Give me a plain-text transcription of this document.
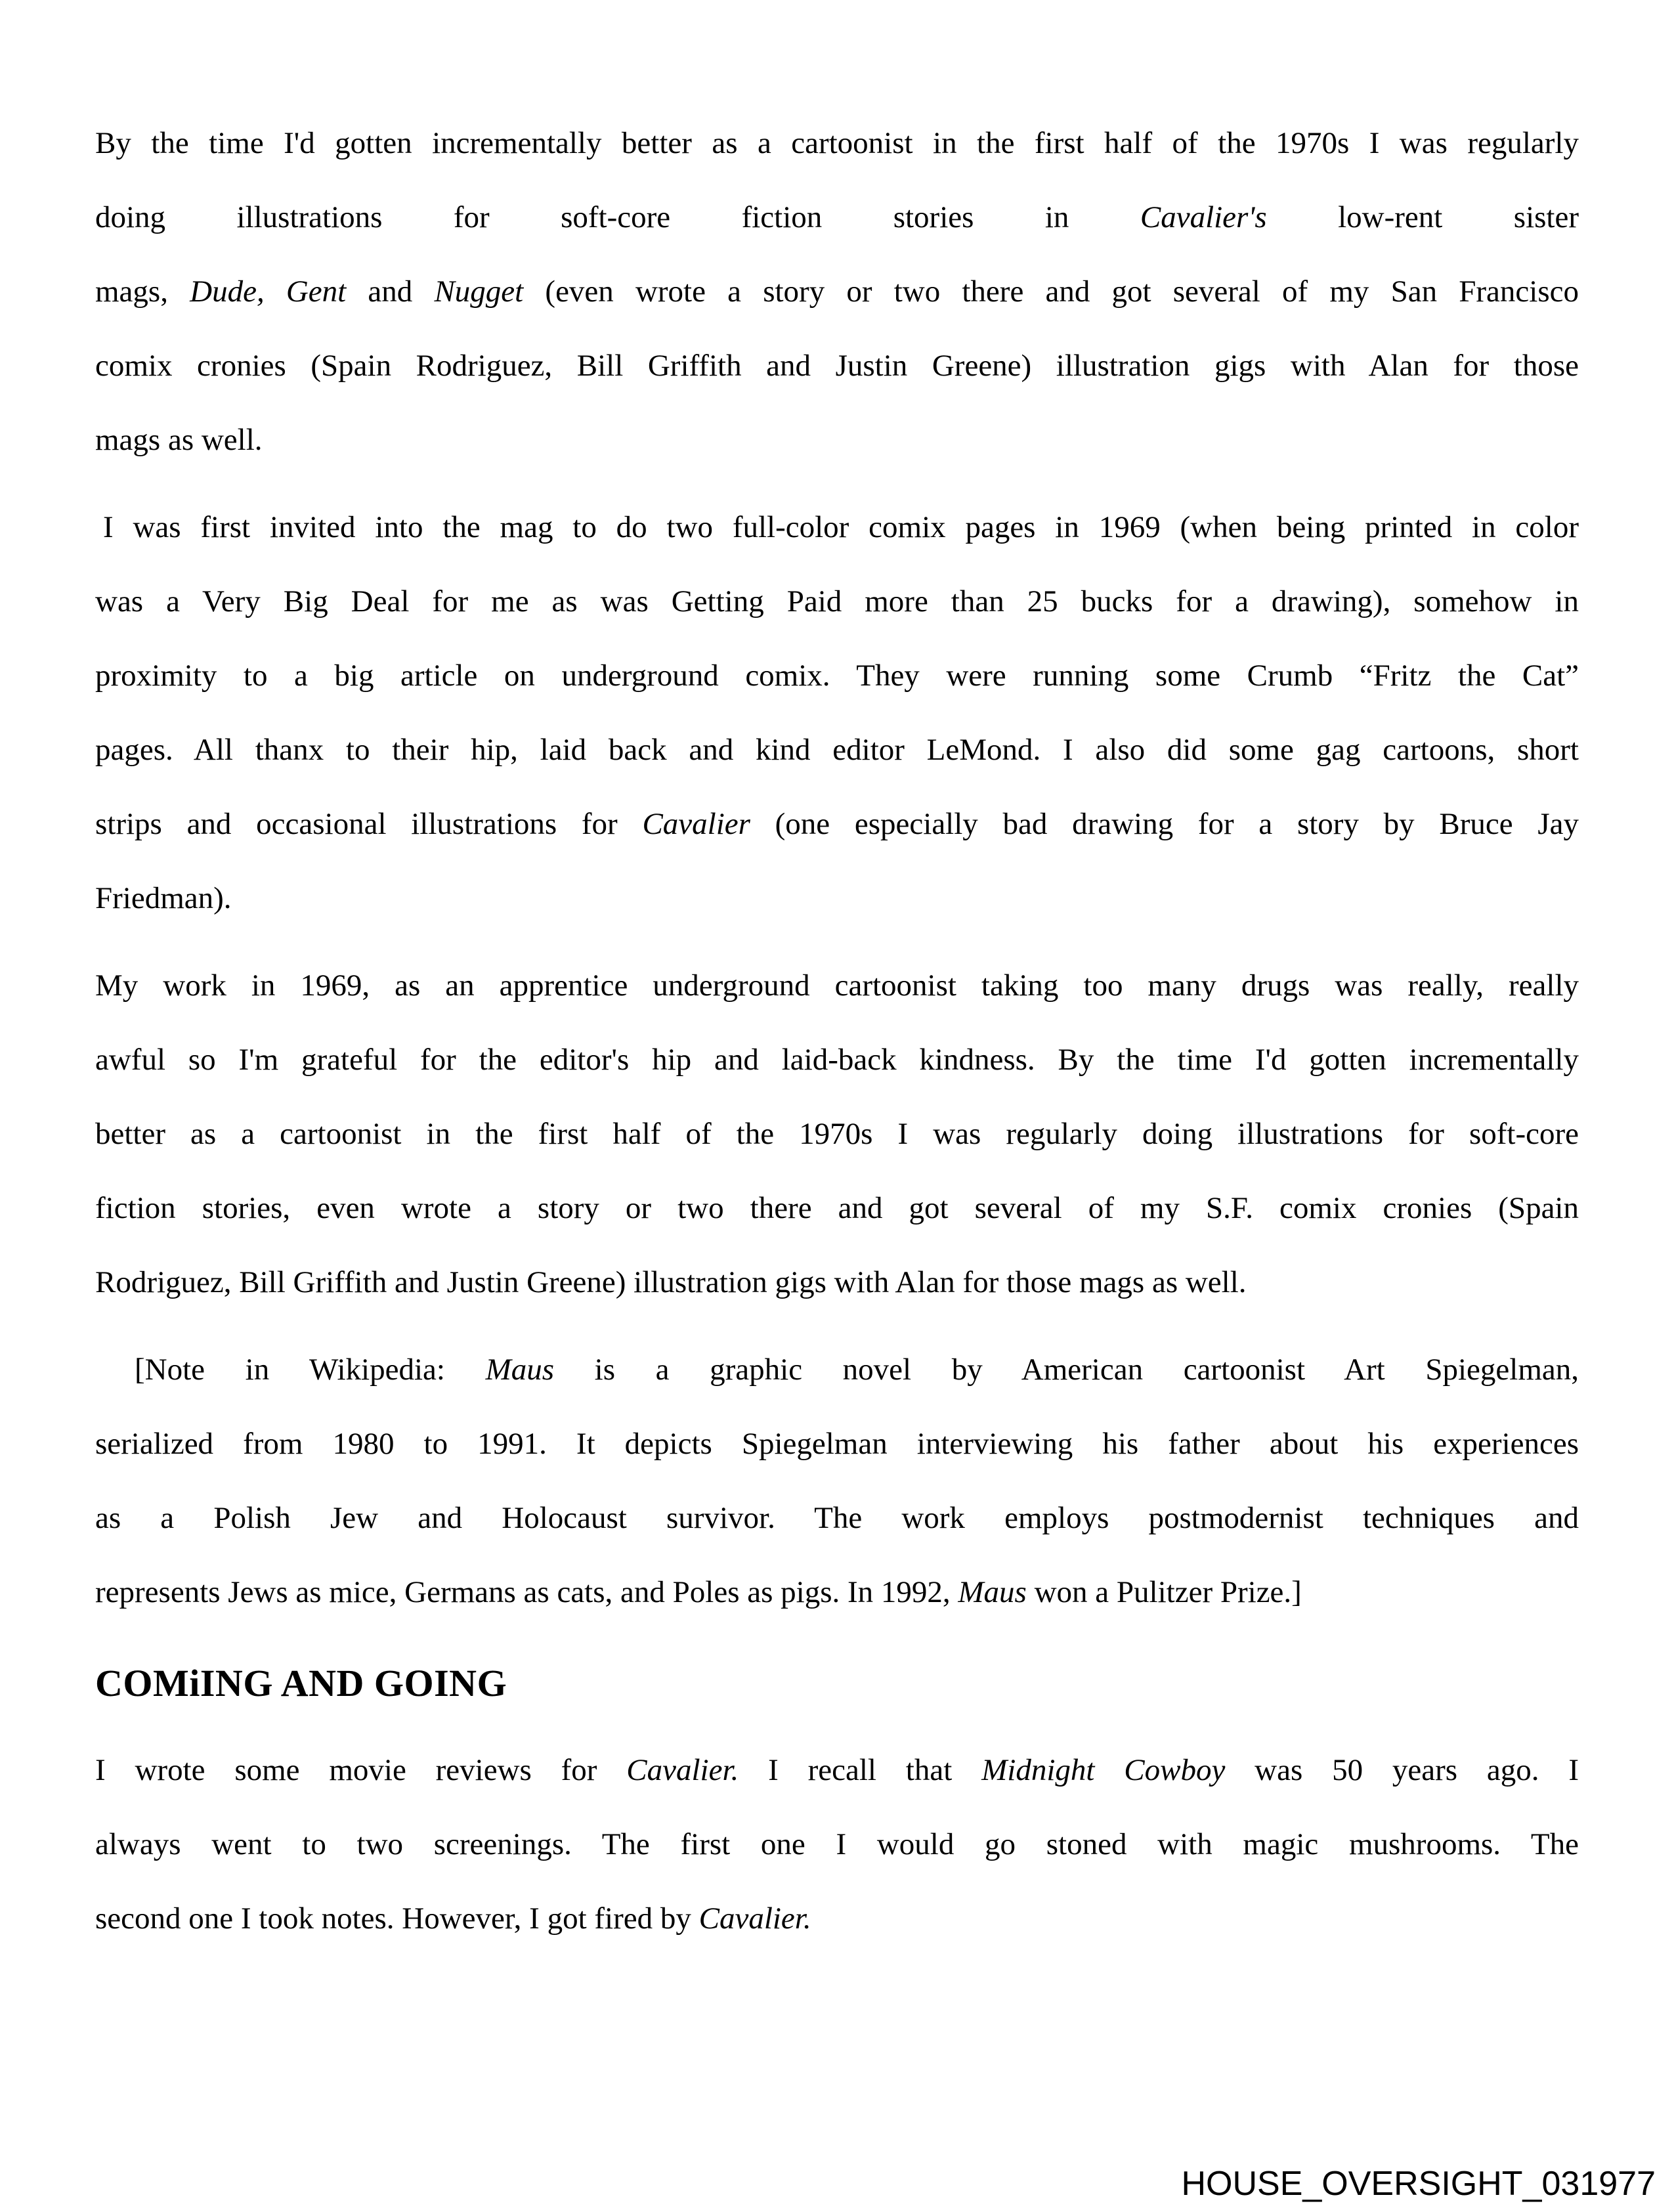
By the time I'd gotten incrementally better as a cartoonist in the first half of the 1970s I was regularly
doing illustrations for soft-core fiction stories in Cavalier's low-rent sister
mags, Dude, Gent and Nugget (even wrote a story or two there and got several of my San Francisco
comix cronies (Spain Rodriguez, Bill Griffith and Justin Greene) illustration gigs with Alan for those
mags as well.
I was first invited into the mag to do two full-color comix pages in 1969 (when being printed in color
was a Very Big Deal for me as was Getting Paid more than 25 bucks for a drawing), somehow in
proximity to a big article on underground comix. They were running some Crumb “Fritz the Cat”
pages. All thanx to their hip, laid back and kind editor LeMond. I also did some gag cartoons, short
strips and occasional illustrations for Cavalier (one especially bad drawing for a story by Bruce Jay
Friedman).
My work in 1969, as an apprentice underground cartoonist taking too many drugs was really, really
awful so I'm grateful for the editor's hip and laid-back kindness. By the time I'd gotten incrementally
better as a cartoonist in the first half of the 1970s I was regularly doing illustrations for soft-core
fiction stories, even wrote a story or two there and got several of my S.F. comix cronies (Spain
Rodriguez, Bill Griffith and Justin Greene) illustration gigs with Alan for those mags as well.
[Note in Wikipedia: Maus is a graphic novel by American cartoonist Art Spiegelman,
serialized from 1980 to 1991. It depicts Spiegelman interviewing his father about his experiences
as a Polish Jew and Holocaust survivor. The work employs postmodernist techniques and
represents Jews as mice, Germans as cats, and Poles as pigs. In 1992, Maus won a Pulitzer Prize.]
COMiING AND GOING
I wrote some movie reviews for Cavalier. I recall that Midnight Cowboy was 50 years ago. I
always went to two screenings. The first one I would go stoned with magic mushrooms. The
second one I took notes. However, I got fired by Cavalier.
HOUSE_OVERSIGHT_031977
